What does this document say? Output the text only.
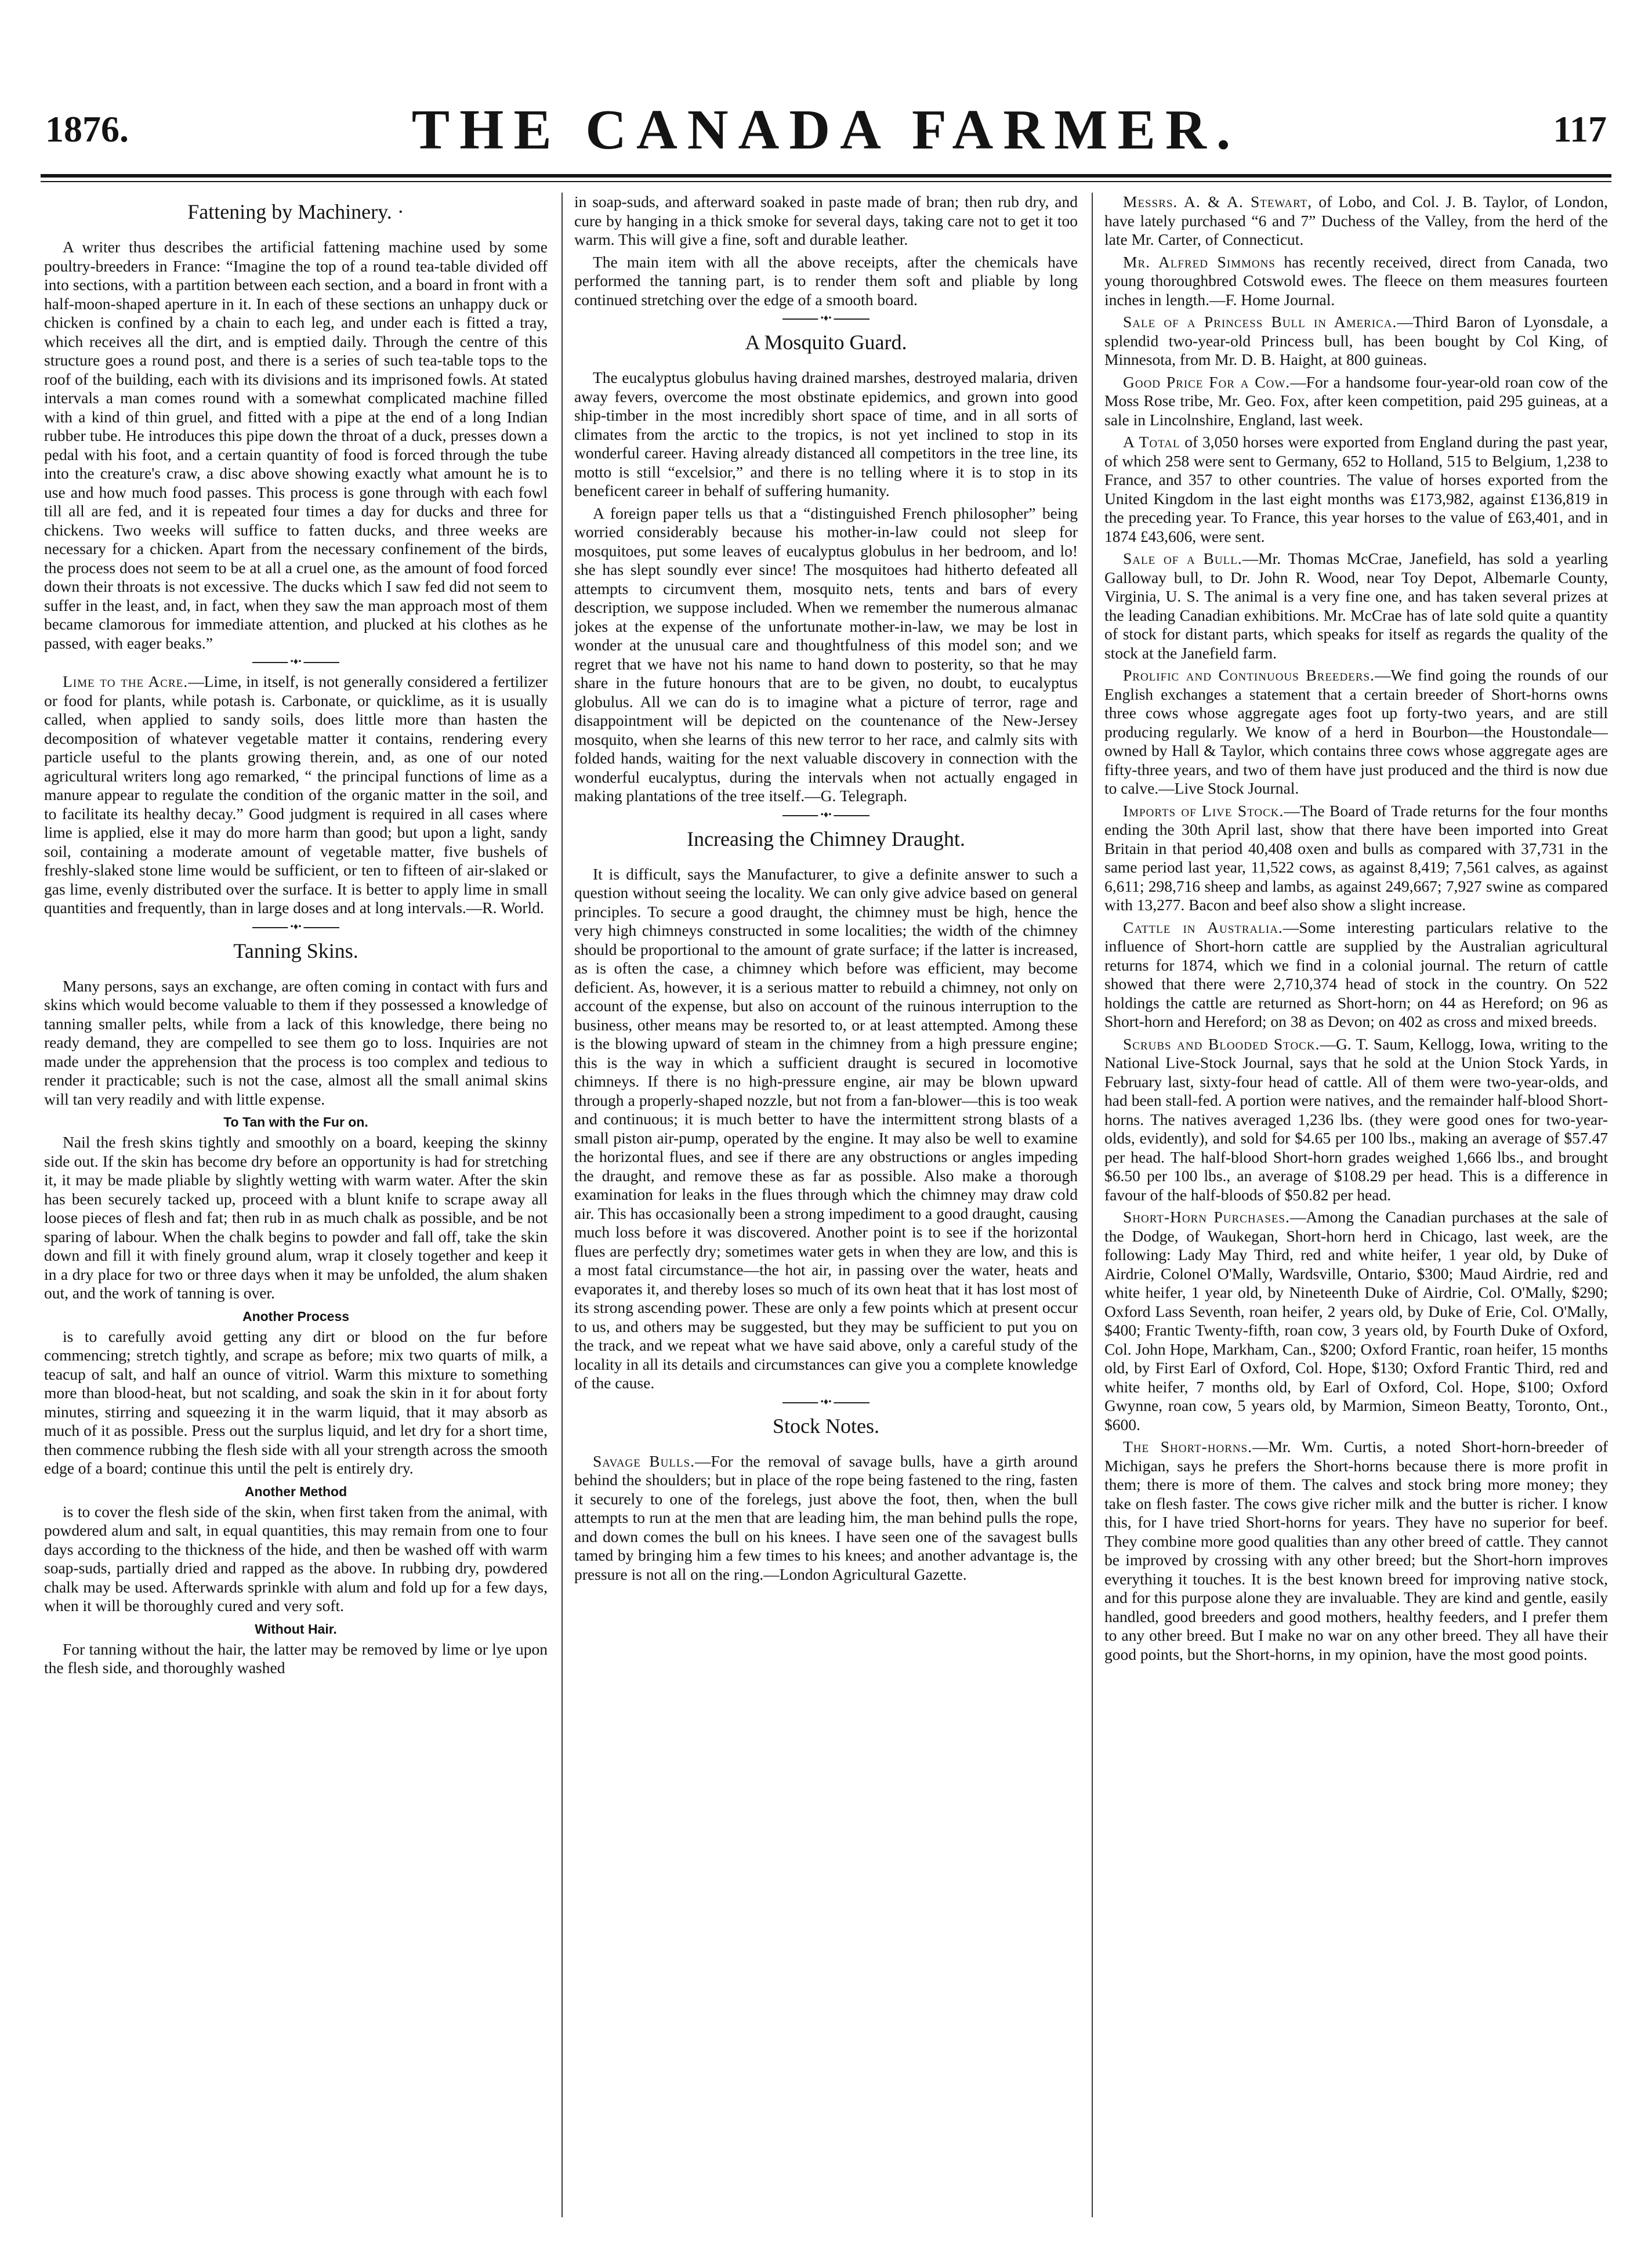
1876.	THE CANADA FARMER.	117
Fattening by Machinery. ·

A writer thus describes the artificial fattening machine used by some poultry-breeders in France: “Imagine the top of a round tea-table divided off into sections, with a partition between each section, and a board in front with a half-moon-shaped aperture in it. In each of these sections an unhappy duck or chicken is confined by a chain to each leg, and under each is fitted a tray, which receives all the dirt, and is emptied daily. Through the centre of this structure goes a round post, and there is a series of such tea-table tops to the roof of the building, each with its divisions and its imprisoned fowls. At stated intervals a man comes round with a somewhat complicated machine filled with a kind of thin gruel, and fitted with a pipe at the end of a long Indian rubber tube. He introduces this pipe down the throat of a duck, presses down a pedal with his foot, and a certain quantity of food is forced through the tube into the creature's craw, a disc above showing exactly what amount he is to use and how much food passes. This process is gone through with each fowl till all are fed, and it is repeated four times a day for ducks and three for chickens. Two weeks will suffice to fatten ducks, and three weeks are necessary for a chicken. Apart from the necessary confinement of the birds, the process does not seem to be at all a cruel one, as the amount of food forced down their throats is not excessive. The ducks which I saw fed did not seem to suffer in the least, and, in fact, when they saw the man approach most of them became clamorous for immediate attention, and plucked at his clothes as he passed, with eager beaks.”

•♦•

Lime to the Acre.—Lime, in itself, is not generally considered a fertilizer or food for plants, while potash is. Carbonate, or quicklime, as it is usually called, when applied to sandy soils, does little more than hasten the decomposition of whatever vegetable matter it contains, rendering every particle useful to the plants growing therein, and, as one of our noted agricultural writers long ago remarked, “ the principal functions of lime as a manure appear to regulate the condition of the organic matter in the soil, and to facilitate its healthy decay.” Good judgment is required in all cases where lime is applied, else it may do more harm than good; but upon a light, sandy soil, containing a moderate amount of vegetable matter, five bushels of freshly-slaked stone lime would be sufficient, or ten to fifteen of air-slaked or gas lime, evenly distributed over the surface. It is better to apply lime in small quantities and frequently, than in large doses and at long intervals.—R. World.

•♦•
Tanning Skins.

Many persons, says an exchange, are often coming in contact with furs and skins which would become valuable to them if they possessed a knowledge of tanning smaller pelts, while from a lack of this knowledge, there being no ready demand, they are compelled to see them go to loss. Inquiries are not made under the apprehension that the process is too complex and tedious to render it practicable; such is not the case, almost all the small animal skins will tan very readily and with little expense.

To Tan with the Fur on.

Nail the fresh skins tightly and smoothly on a board, keeping the skinny side out. If the skin has become dry before an opportunity is had for stretching it, it may be made pliable by slightly wetting with warm water. After the skin has been securely tacked up, proceed with a blunt knife to scrape away all loose pieces of flesh and fat; then rub in as much chalk as possible, and be not sparing of labour. When the chalk begins to powder and fall off, take the skin down and fill it with finely ground alum, wrap it closely together and keep it in a dry place for two or three days when it may be unfolded, the alum shaken out, and the work of tanning is over.

Another Process

is to carefully avoid getting any dirt or blood on the fur before commencing; stretch tightly, and scrape as before; mix two quarts of milk, a teacup of salt, and half an ounce of vitriol. Warm this mixture to something more than blood-heat, but not scalding, and soak the skin in it for about forty minutes, stirring and squeezing it in the warm liquid, that it may absorb as much of it as possible. Press out the surplus liquid, and let dry for a short time, then commence rubbing the flesh side with all your strength across the smooth edge of a board; continue this until the pelt is entirely dry.

Another Method

is to cover the flesh side of the skin, when first taken from the animal, with powdered alum and salt, in equal quantities, this may remain from one to four days according to the thickness of the hide, and then be washed off with warm soap-suds, partially dried and rapped as the above. In rubbing dry, powdered chalk may be used. Afterwards sprinkle with alum and fold up for a few days, when it will be thoroughly cured and very soft.

Without Hair.

For tanning without the hair, the latter may be removed by lime or lye upon the flesh side, and thoroughly washed

in soap-suds, and afterward soaked in paste made of bran; then rub dry, and cure by hanging in a thick smoke for several days, taking care not to get it too warm. This will give a fine, soft and durable leather.

The main item with all the above receipts, after the chemicals have performed the tanning part, is to render them soft and pliable by long continued stretching over the edge of a smooth board.

•♦•
A Mosquito Guard.

The eucalyptus globulus having drained marshes, destroyed malaria, driven away fevers, overcome the most obstinate epidemics, and grown into good ship-timber in the most incredibly short space of time, and in all sorts of climates from the arctic to the tropics, is not yet inclined to stop in its wonderful career. Having already distanced all competitors in the tree line, its motto is still “excelsior,” and there is no telling where it is to stop in its beneficent career in behalf of suffering humanity.

A foreign paper tells us that a “distinguished French philosopher” being worried considerably because his mother-in-law could not sleep for mosquitoes, put some leaves of eucalyptus globulus in her bedroom, and lo! she has slept soundly ever since! The mosquitoes had hitherto defeated all attempts to circumvent them, mosquito nets, tents and bars of every description, we suppose included. When we remember the numerous almanac jokes at the expense of the unfortunate mother-in-law, we may be lost in wonder at the unusual care and thoughtfulness of this model son; and we regret that we have not his name to hand down to posterity, so that he may share in the future honours that are to be given, no doubt, to eucalyptus globulus. All we can do is to imagine what a picture of terror, rage and disappointment will be depicted on the countenance of the New-Jersey mosquito, when she learns of this new terror to her race, and calmly sits with folded hands, waiting for the next valuable discovery in connection with the wonderful eucalyptus, during the intervals when not actually engaged in making plantations of the tree itself.—G. Telegraph.

•♦•
Increasing the Chimney Draught.

It is difficult, says the Manufacturer, to give a definite answer to such a question without seeing the locality. We can only give advice based on general principles. To secure a good draught, the chimney must be high, hence the very high chimneys constructed in some localities; the width of the chimney should be proportional to the amount of grate surface; if the latter is increased, as is often the case, a chimney which before was efficient, may become deficient. As, however, it is a serious matter to rebuild a chimney, not only on account of the expense, but also on account of the ruinous interruption to the business, other means may be resorted to, or at least attempted. Among these is the blowing upward of steam in the chimney from a high pressure engine; this is the way in which a sufficient draught is secured in locomotive chimneys. If there is no high-pressure engine, air may be blown upward through a properly-shaped nozzle, but not from a fan-blower—this is too weak and continuous; it is much better to have the intermittent strong blasts of a small piston air-pump, operated by the engine. It may also be well to examine the horizontal flues, and see if there are any obstructions or angles impeding the draught, and remove these as far as possible. Also make a thorough examination for leaks in the flues through which the chimney may draw cold air. This has occasionally been a strong impediment to a good draught, causing much loss before it was discovered. Another point is to see if the horizontal flues are perfectly dry; sometimes water gets in when they are low, and this is a most fatal circumstance—the hot air, in passing over the water, heats and evaporates it, and thereby loses so much of its own heat that it has lost most of its strong ascending power. These are only a few points which at present occur to us, and others may be suggested, but they may be sufficient to put you on the track, and we repeat what we have said above, only a careful study of the locality in all its details and circumstances can give you a complete knowledge of the cause.

•♦•
Stock Notes.

Savage Bulls.—For the removal of savage bulls, have a girth around behind the shoulders; but in place of the rope being fastened to the ring, fasten it securely to one of the forelegs, just above the foot, then, when the bull attempts to run at the men that are leading him, the man behind pulls the rope, and down comes the bull on his knees. I have seen one of the savagest bulls tamed by bringing him a few times to his knees; and another advantage is, the pressure is not all on the ring.—London Agricultural Gazette.

Messrs. A. & A. Stewart, of Lobo, and Col. J. B. Taylor, of London, have lately purchased “6 and 7” Duchess of the Valley, from the herd of the late Mr. Carter, of Connecticut.

Mr. Alfred Simmons has recently received, direct from Canada, two young thoroughbred Cotswold ewes. The fleece on them measures fourteen inches in length.—F. Home Journal.

Sale of a Princess Bull in America.—Third Baron of Lyonsdale, a splendid two-year-old Princess bull, has been bought by Col King, of Minnesota, from Mr. D. B. Haight, at 800 guineas.

Good Price For a Cow.—For a handsome four-year-old roan cow of the Moss Rose tribe, Mr. Geo. Fox, after keen competition, paid 295 guineas, at a sale in Lincolnshire, England, last week.

A Total of 3,050 horses were exported from England during the past year, of which 258 were sent to Germany, 652 to Holland, 515 to Belgium, 1,238 to France, and 357 to other countries. The value of horses exported from the United Kingdom in the last eight months was £173,982, against £136,819 in the preceding year. To France, this year horses to the value of £63,401, and in 1874 £43,606, were sent.

Sale of a Bull.—Mr. Thomas McCrae, Janefield, has sold a yearling Galloway bull, to Dr. John R. Wood, near Toy Depot, Albemarle County, Virginia, U. S. The animal is a very fine one, and has taken several prizes at the leading Canadian exhibitions. Mr. McCrae has of late sold quite a quantity of stock for distant parts, which speaks for itself as regards the quality of the stock at the Janefield farm.

Prolific and Continuous Breeders.—We find going the rounds of our English exchanges a statement that a certain breeder of Short-horns owns three cows whose aggregate ages foot up forty-two years, and are still producing regularly. We know of a herd in Bourbon—the Houstondale—owned by Hall & Taylor, which contains three cows whose aggregate ages are fifty-three years, and two of them have just produced and the third is now due to calve.—Live Stock Journal.

Imports of Live Stock.—The Board of Trade returns for the four months ending the 30th April last, show that there have been imported into Great Britain in that period 40,408 oxen and bulls as compared with 37,731 in the same period last year, 11,522 cows, as against 8,419; 7,561 calves, as against 6,611; 298,716 sheep and lambs, as against 249,667; 7,927 swine as compared with 13,277. Bacon and beef also show a slight increase.

Cattle in Australia.—Some interesting particulars relative to the influence of Short-horn cattle are supplied by the Australian agricultural returns for 1874, which we find in a colonial journal. The return of cattle showed that there were 2,710,374 head of stock in the country. On 522 holdings the cattle are returned as Short-horn; on 44 as Hereford; on 96 as Short-horn and Hereford; on 38 as Devon; on 402 as cross and mixed breeds.

Scrubs and Blooded Stock.—G. T. Saum, Kellogg, Iowa, writing to the National Live-Stock Journal, says that he sold at the Union Stock Yards, in February last, sixty-four head of cattle. All of them were two-year-olds, and had been stall-fed. A portion were natives, and the remainder half-blood Short-horns. The natives averaged 1,236 lbs. (they were good ones for two-year-olds, evidently), and sold for $4.65 per 100 lbs., making an average of $57.47 per head. The half-blood Short-horn grades weighed 1,666 lbs., and brought $6.50 per 100 lbs., an average of $108.29 per head. This is a difference in favour of the half-bloods of $50.82 per head.

Short-Horn Purchases.—Among the Canadian purchases at the sale of the Dodge, of Waukegan, Short-horn herd in Chicago, last week, are the following: Lady May Third, red and white heifer, 1 year old, by Duke of Airdrie, Colonel O'Mally, Wardsville, Ontario, $300; Maud Airdrie, red and white heifer, 1 year old, by Nineteenth Duke of Airdrie, Col. O'Mally, $290; Oxford Lass Seventh, roan heifer, 2 years old, by Duke of Erie, Col. O'Mally, $400; Frantic Twenty-fifth, roan cow, 3 years old, by Fourth Duke of Oxford, Col. John Hope, Markham, Can., $200; Oxford Frantic, roan heifer, 15 months old, by First Earl of Oxford, Col. Hope, $130; Oxford Frantic Third, red and white heifer, 7 months old, by Earl of Oxford, Col. Hope, $100; Oxford Gwynne, roan cow, 5 years old, by Marmion, Simeon Beatty, Toronto, Ont., $600.

The Short-horns.—Mr. Wm. Curtis, a noted Short-horn-breeder of Michigan, says he prefers the Short-horns because there is more profit in them; there is more of them. The calves and stock bring more money; they take on flesh faster. The cows give richer milk and the butter is richer. I know this, for I have tried Short-horns for years. They have no superior for beef. They combine more good qualities than any other breed of cattle. They cannot be improved by crossing with any other breed; but the Short-horn improves everything it touches. It is the best known breed for improving native stock, and for this purpose alone they are invaluable. They are kind and gentle, easily handled, good breeders and good mothers, healthy feeders, and I prefer them to any other breed. But I make no war on any other breed. They all have their good points, but the Short-horns, in my opinion, have the most good points.
